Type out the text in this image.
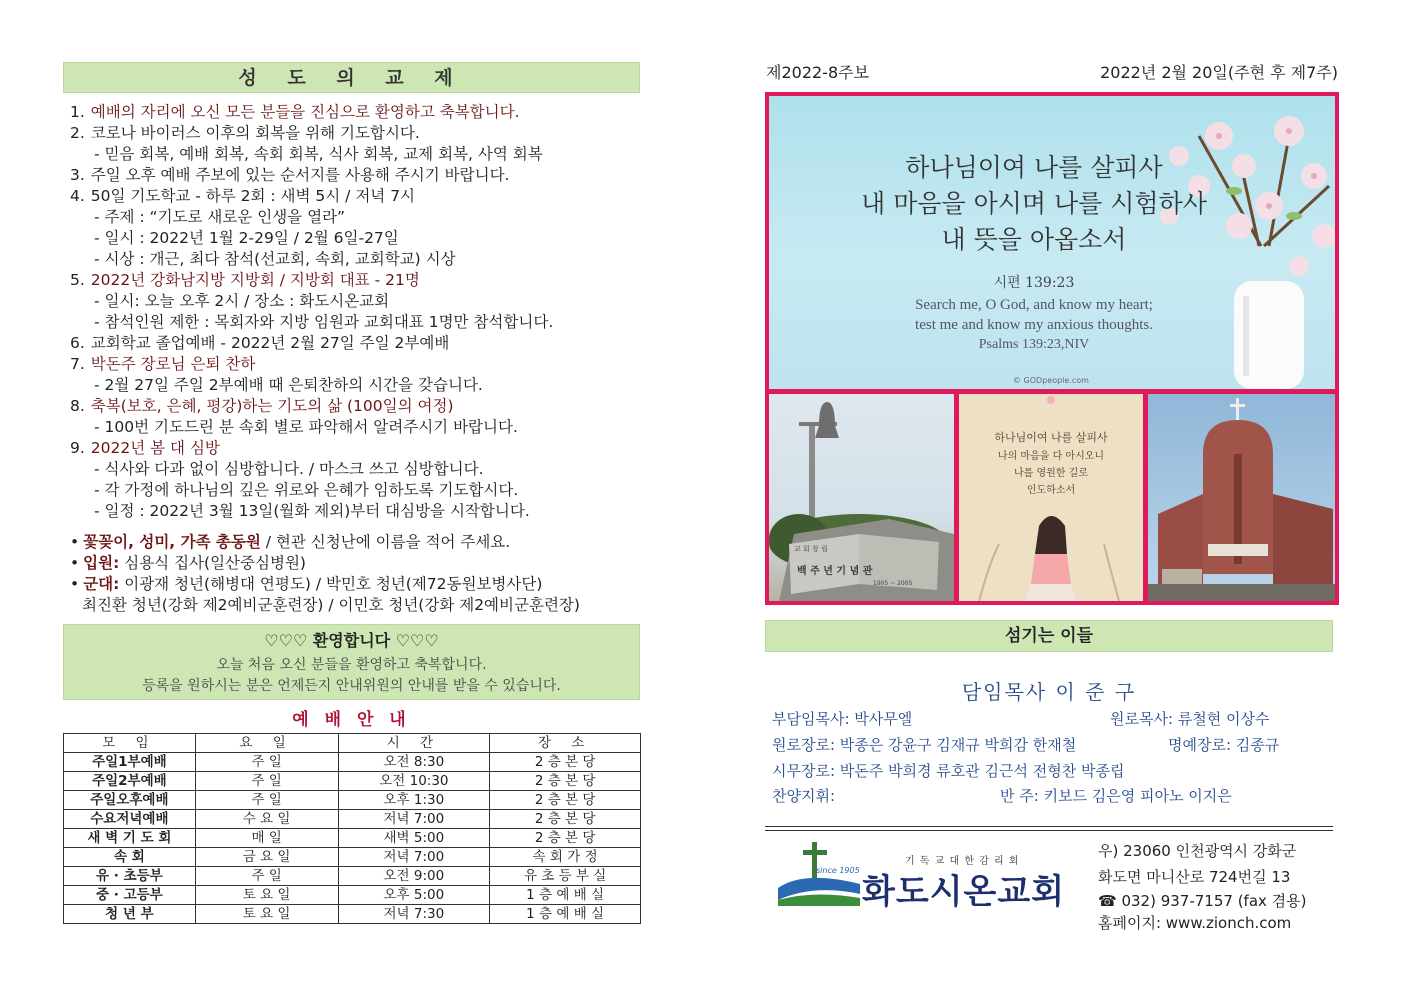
성 도 의 교 제
1. 예배의 자리에 오신 모든 분들을 진심으로 환영하고 축복합니다.
2. 코로나 바이러스 이후의 회복을 위해 기도합시다.
- 믿음 회복, 예배 회복, 속회 회복, 식사 회복, 교제 회복, 사역 회복
3. 주일 오후 예배 주보에 있는 순서지를 사용해 주시기 바랍니다.
4. 50일 기도학교 - 하루 2회 : 새벽 5시 / 저녁 7시
- 주제 : “기도로 새로운 인생을 열라”
- 일시 : 2022년 1월 2-29일 / 2월 6일-27일
- 시상 : 개근, 최다 참석(선교회, 속회, 교회학교) 시상
5. 2022년 강화남지방 지방회 / 지방회 대표 - 21명
- 일시: 오늘 오후 2시 / 장소 : 화도시온교회
- 참석인원 제한 : 목회자와 지방 임원과 교회대표 1명만 참석합니다.
6. 교회학교 졸업예배 - 2022년 2월 27일 주일 2부예배
7. 박돈주 장로님 은퇴 찬하
- 2월 27일 주일 2부예배 때 은퇴찬하의 시간을 갖습니다.
8. 축복(보호, 은혜, 평강)하는 기도의 삶 (100일의 여정)
- 100번 기도드린 분 속회 별로 파악해서 알려주시기 바랍니다.
9. 2022년 봄 대 심방
- 식사와 다과 없이 심방합니다. / 마스크 쓰고 심방합니다.
- 각 가정에 하나님의 깊은 위로와 은혜가 임하도록 기도합시다.
- 일정 : 2022년 3월 13일(월화 제외)부터 대심방을 시작합니다.
• 꽃꽂이, 성미, 가족 총동원 / 현관 신청난에 이름을 적어 주세요.
• 입원: 심용식 집사(일산중심병원)
• 군대: 이광재 청년(해병대 연평도) / 박민호 청년(제72동원보병사단)
최진환 청년(강화 제2예비군훈련장) / 이민호 청년(강화 제2예비군훈련장)
♡♡♡ 환영합니다 ♡♡♡
오늘 처음 오신 분들을 환영하고 축복합니다.
등록을 원하시는 분은 언제든지 안내위원의 안내를 받을 수 있습니다.
예 배 안 내
모 임	요 일	시 간	장 소
주일1부예배	주 일	오전 8:30	2 층 본 당
주일2부예배	주 일	오전 10:30	2 층 본 당
주일오후예배	주 일	오후 1:30	2 층 본 당
수요저녁예배	수 요 일	저녁 7:00	2 층 본 당
새 벽 기 도 회	매 일	새벽 5:00	2 층 본 당
속 회	금 요 일	저녁 7:00	속 회 가 정
유 · 초등부	주 일	오전 9:00	유 초 등 부 실
중 · 고등부	토 요 일	오후 5:00	1 층 예 배 실
청 년 부	토 요 일	저녁 7:30	1 층 예 배 실
제2022-8주보	2022년 2월 20일(주현 후 제7주)
하나님이여 나를 살피사
내 마음을 아시며 나를 시험하사
내 뜻을 아옵소서
시편 139:23
Search me, O God, and know my heart;
test me and know my anxious thoughts.
Psalms 139:23,NIV
© GODpeople.com
교 회 창 립
백 주 년 기 념 관
1905 ~ 2005
하나님이여 나를 살피사
나의 마음을 다 아시오니
나를 영원한 길로
인도하소서
섬기는 이들
담임목사 이 준 구
부담임목사: 박사무엘	원로목사: 류철현 이상수
원로장로: 박종은 강윤구 김재규 박희감 한재철	명예장로: 김종규
시무장로: 박돈주 박희경 류호관 김근석 전형찬 박종립
찬양지휘:	반 주: 키보드 김은영 피아노 이지은
since 1905
기 독 교 대 한 감 리 회
화도시온교회
우) 23060 인천광역시 강화군
화도면 마니산로 724번길 13
☎ 032) 937-7157 (fax 겸용)
홈페이지: www.zionch.com
